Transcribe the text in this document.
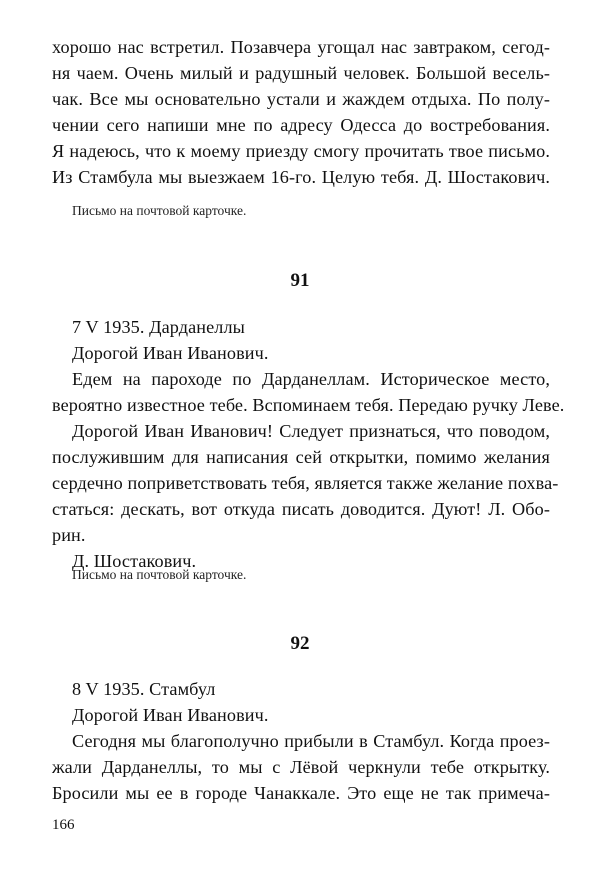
хорошо нас встретил. Позавчера угощал нас завтраком, сегод-
ня чаем. Очень милый и радушный человек. Большой весель-
чак. Все мы основательно устали и жаждем отдыха. По полу-
чении сего напиши мне по адресу Одесса до востребования.
Я надеюсь, что к моему приезду смогу прочитать твое письмо.
Из Стамбула мы выезжаем 16-го. Целую тебя. Д. Шостакович.
Письмо на почтовой карточке.
91
7 V 1935. Дарданеллы
Дорогой Иван Иванович.
Едем на пароходе по Дарданеллам. Историческое место,
вероятно известное тебе. Вспоминаем тебя. Передаю ручку Леве.
Дорогой Иван Иванович! Следует признаться, что поводом,
послужившим для написания сей открытки, помимо желания
сердечно поприветствовать тебя, является также желание похва-
статься: дескать, вот откуда писать доводится. Дуют! Л. Обо-
рин.
Д. Шостакович.
Письмо на почтовой карточке.
92
8 V 1935. Стамбул
Дорогой Иван Иванович.
Сегодня мы благополучно прибыли в Стамбул. Когда проез-
жали Дарданеллы, то мы с Лёвой черкнули тебе открытку.
Бросили мы ее в городе Чанаккале. Это еще не так примеча-
166
